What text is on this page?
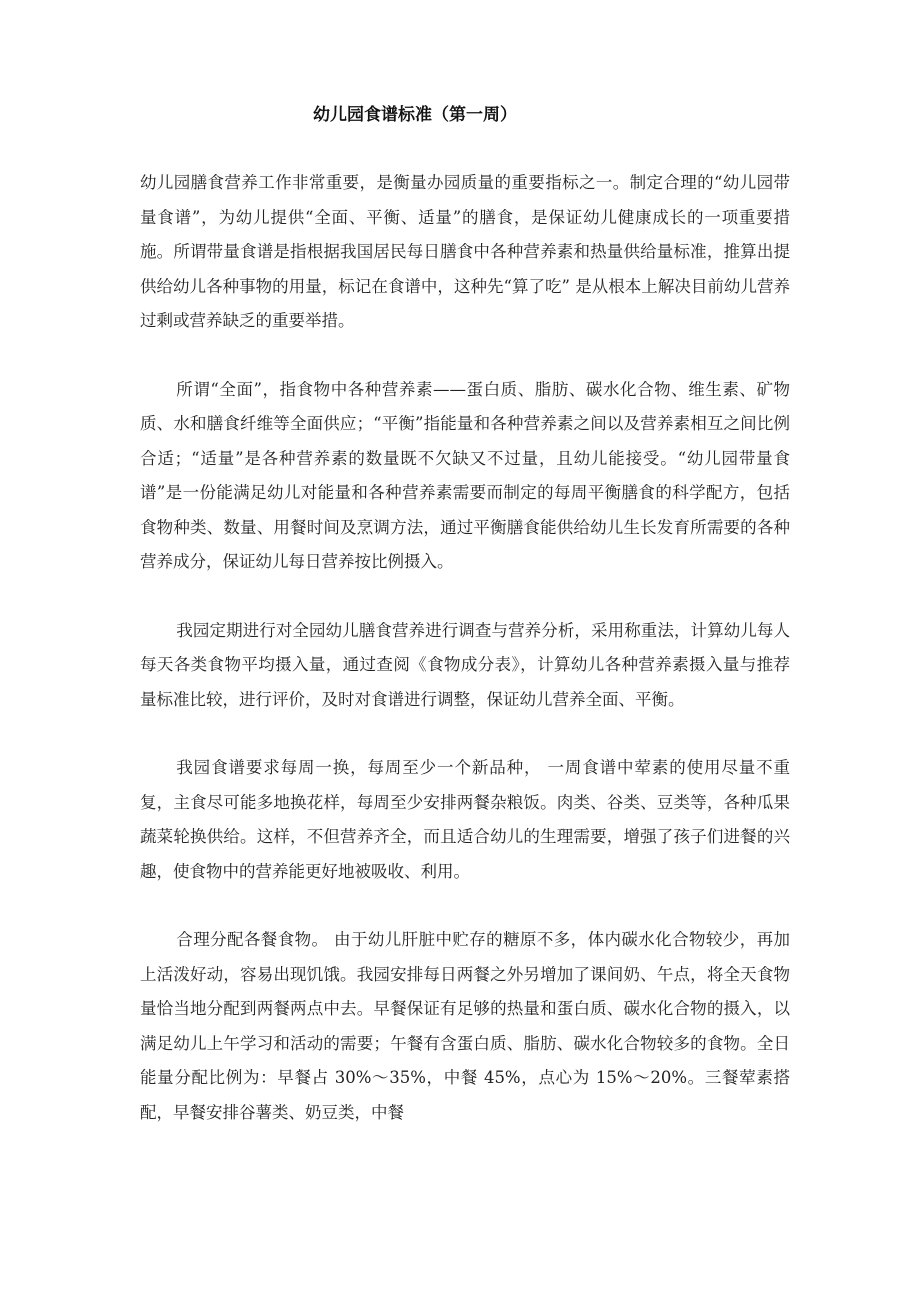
幼儿园食谱标准（第一周）

幼儿园膳食营养工作非常重要，是衡量办园质量的重要指标之一。制定合理的“幼儿园带量食谱”，为幼儿提供“全面、平衡、适量”的膳食，是保证幼儿健康成长的一项重要措施。所谓带量食谱是指根据我国居民每日膳食中各种营养素和热量供给量标准，推算出提供给幼儿各种事物的用量，标记在食谱中，这种先“算了吃” 是从根本上解决目前幼儿营养过剩或营养缺乏的重要举措。

所谓“全面”，指食物中各种营养素——蛋白质、脂肪、碳水化合物、维生素、矿物质、水和膳食纤维等全面供应；“平衡”指能量和各种营养素之间以及营养素相互之间比例合适；“适量”是各种营养素的数量既不欠缺又不过量，且幼儿能接受。“幼儿园带量食谱”是一份能满足幼儿对能量和各种营养素需要而制定的每周平衡膳食的科学配方，包括食物种类、数量、用餐时间及烹调方法，通过平衡膳食能供给幼儿生长发育所需要的各种营养成分，保证幼儿每日营养按比例摄入。

我园定期进行对全园幼儿膳食营养进行调查与营养分析，采用称重法，计算幼儿每人每天各类食物平均摄入量，通过查阅《食物成分表》，计算幼儿各种营养素摄入量与推荐量标准比较，进行评价，及时对食谱进行调整，保证幼儿营养全面、平衡。

我园食谱要求每周一换，每周至少一个新品种， 一周食谱中荤素的使用尽量不重复，主食尽可能多地换花样，每周至少安排两餐杂粮饭。肉类、谷类、豆类等，各种瓜果蔬菜轮换供给。这样，不但营养齐全，而且适合幼儿的生理需要，增强了孩子们进餐的兴趣，使食物中的营养能更好地被吸收、利用。

合理分配各餐食物。 由于幼儿肝脏中贮存的糖原不多，体内碳水化合物较少，再加上活泼好动，容易出现饥饿。我园安排每日两餐之外另增加了课间奶、午点，将全天食物量恰当地分配到两餐两点中去。早餐保证有足够的热量和蛋白质、碳水化合物的摄入，以满足幼儿上午学习和活动的需要；午餐有含蛋白质、脂肪、碳水化合物较多的食物。全日能量分配比例为：早餐占 30%～35%，中餐 45%，点心为 15%～20%。三餐荤素搭配，早餐安排谷薯类、奶豆类，中餐
